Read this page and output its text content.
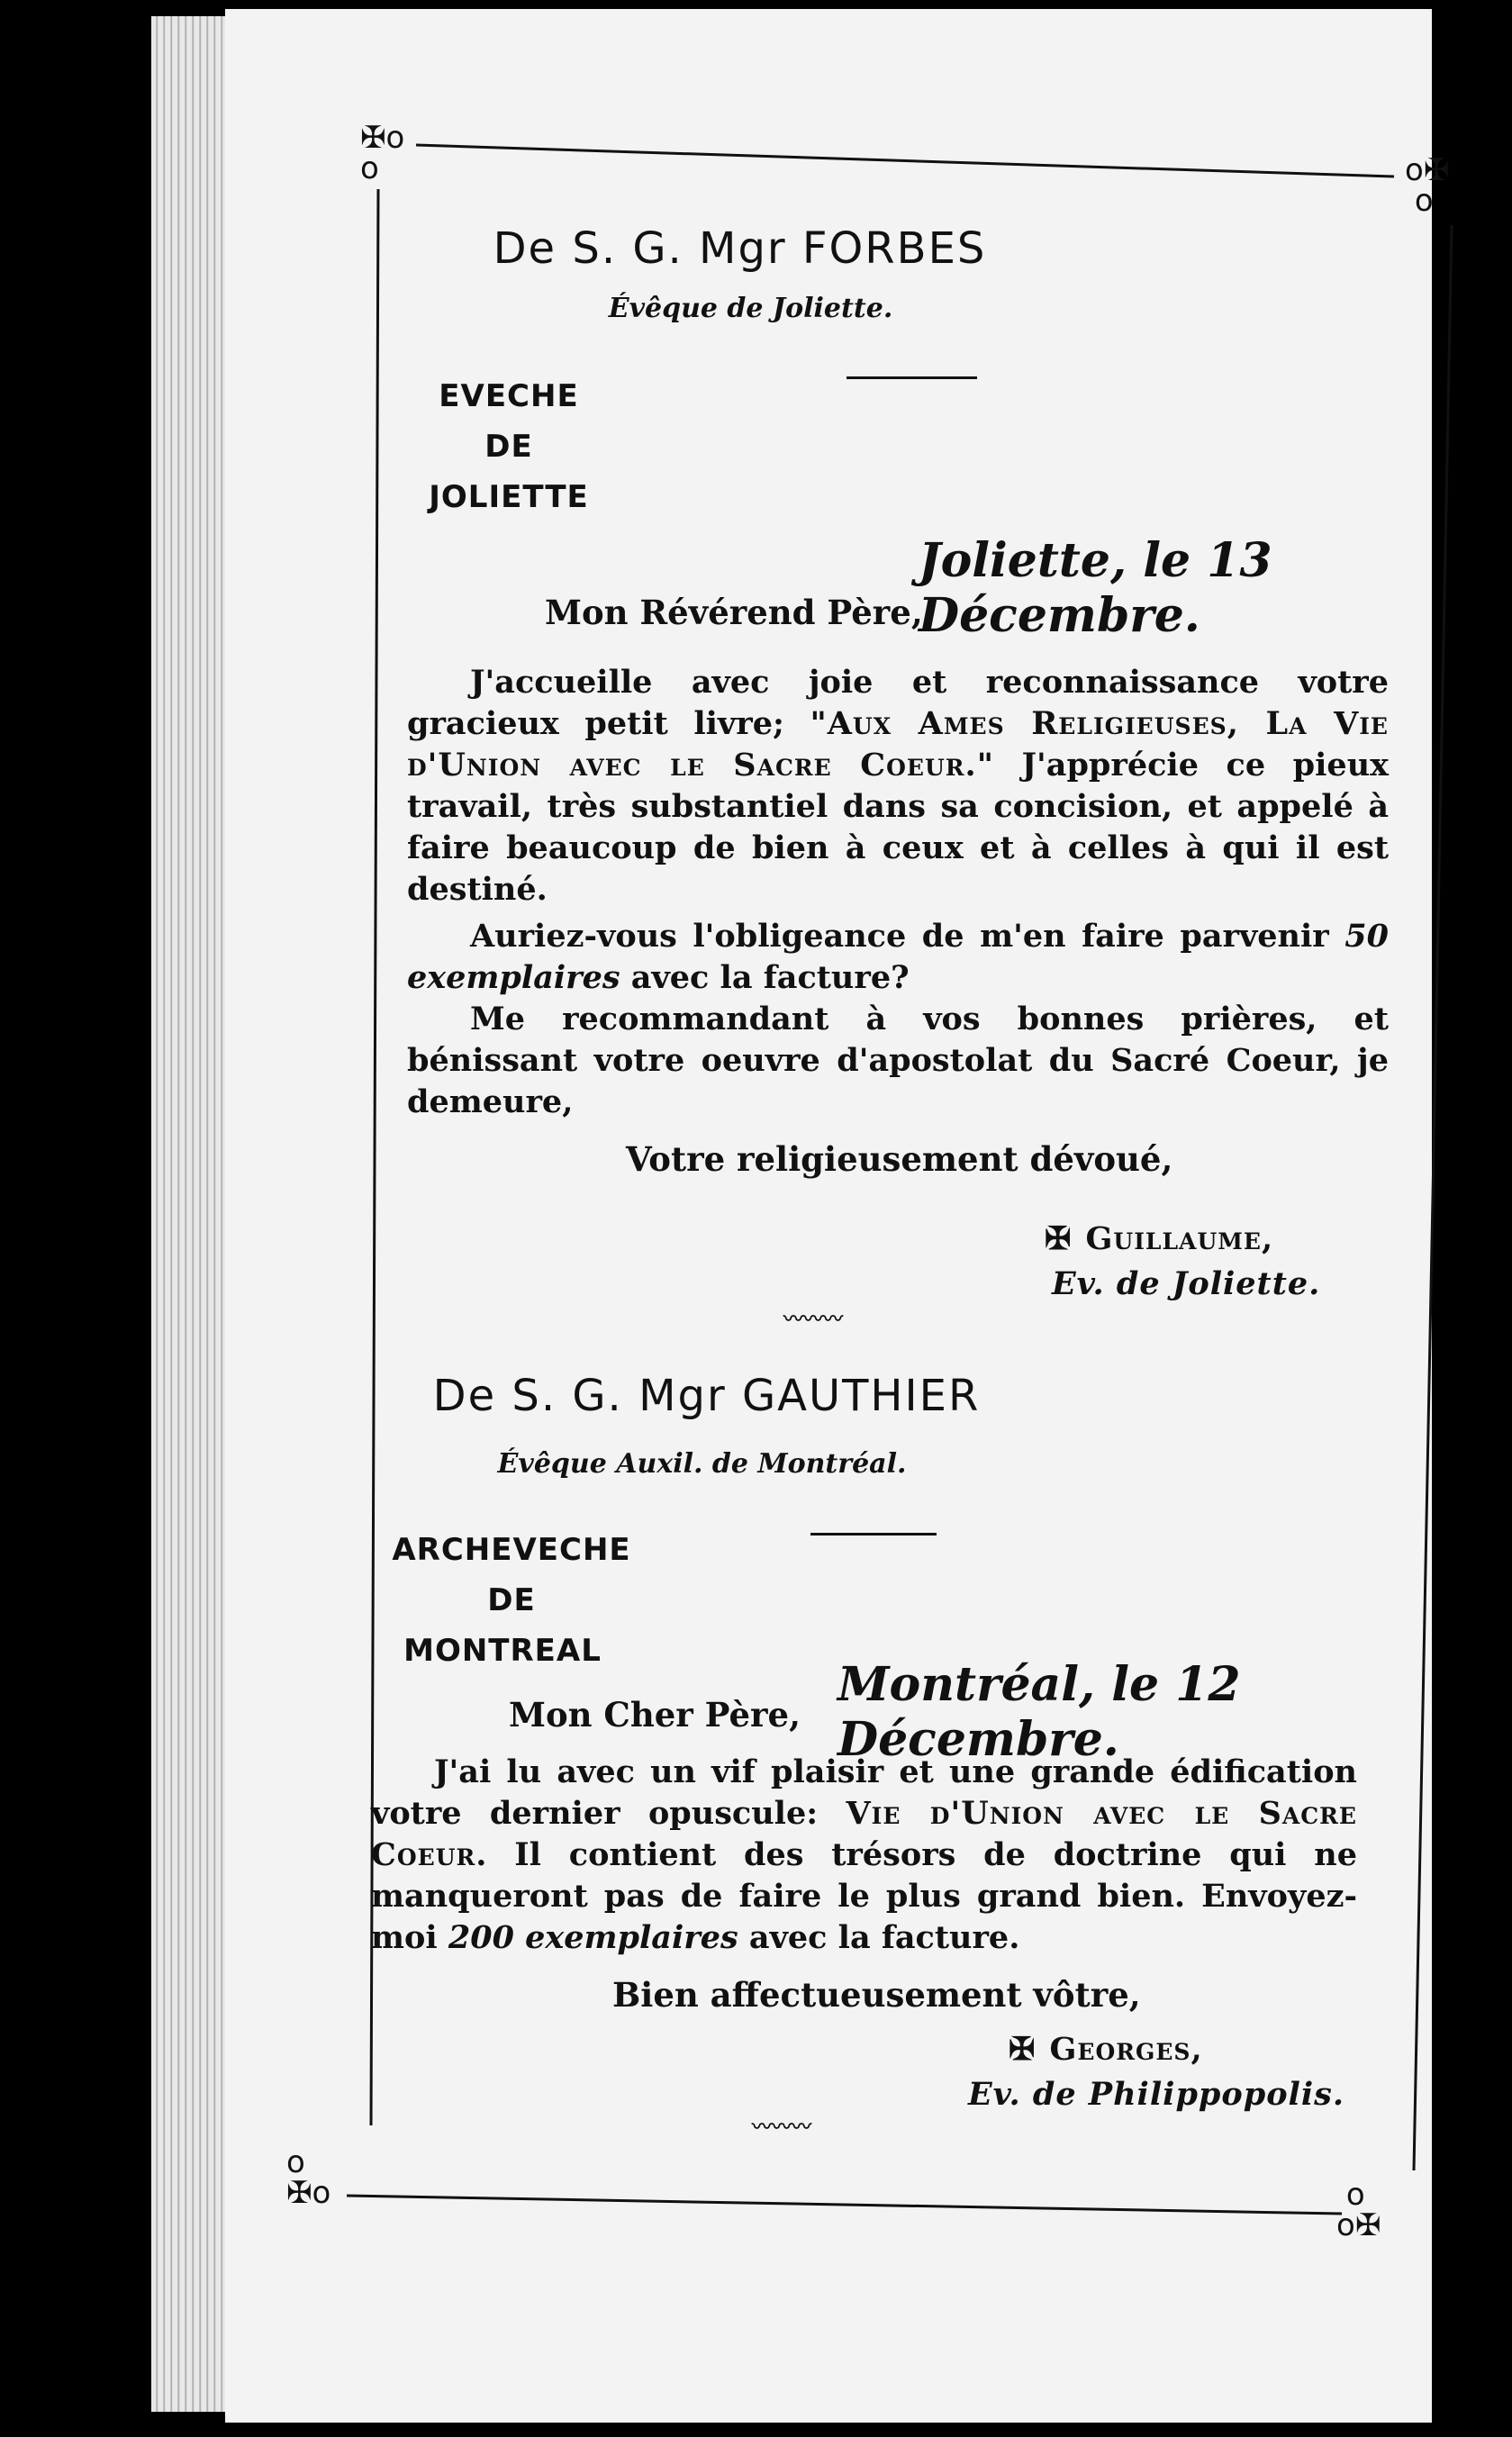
✠o
o	o✠
o
o
✠o	o
o✠
De S. G. Mgr FORBES
Évêque de Joliette.
EVECHE
DE
JOLIETTE
Joliette, le 13 Décembre.
Mon Révérend Père,

J'accueille avec joie et reconnaissance votre gracieux petit livre; "Aux Ames Religieuses, La Vie d'Union avec le Sacre Coeur." J'apprécie ce pieux travail, très substantiel dans sa concision, et appelé à faire beaucoup de bien à ceux et à celles à qui il est destiné.

Auriez-vous l'obligeance de m'en faire parvenir 50 exemplaires avec la facture?

Me recommandant à vos bonnes prières, et bénissant votre oeuvre d'apostolat du Sacré Coeur, je demeure,

Votre religieusement dévoué,
✠ Guillaume,
Ev. de Joliette.
〰〰〰
De S. G. Mgr GAUTHIER
Évêque Auxil. de Montréal.
ARCHEVECHE
DE
MONTREAL
Montréal, le 12 Décembre.
Mon Cher Père,

J'ai lu avec un vif plaisir et une grande édification votre dernier opuscule: Vie d'Union avec le Sacre Coeur. Il contient des trésors de doctrine qui ne manqueront pas de faire le plus grand bien. Envoyez-moi 200 exemplaires avec la facture.

Bien affectueusement vôtre,
✠ Georges,
Ev. de Philippopolis.
〰〰〰
